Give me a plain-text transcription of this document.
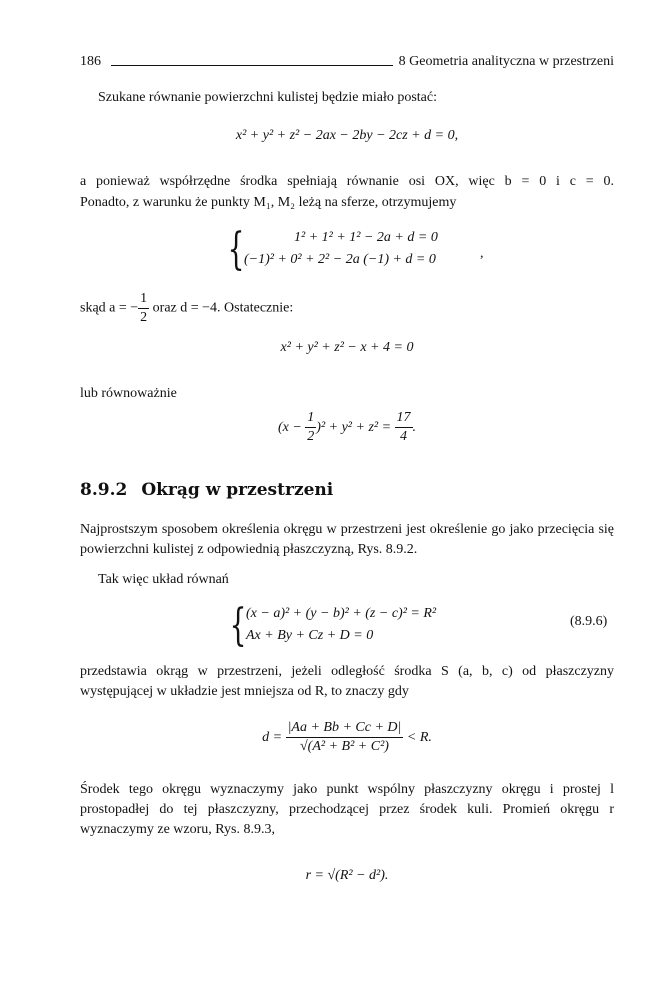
186	8 Geometria analityczna w przestrzeni

Szukane równanie powierzchni kulistej będzie miało postać:

x² + y² + z² − 2ax − 2by − 2cz + d = 0,

a ponieważ współrzędne środka spełniają równanie osi OX, więc b = 0 i c = 0.

Ponadto, z warunku że punkty M₁, M₂ leżą na sferze, otrzymujemy

{	1² + 1² + 1² − 2a + d = 0
(−1)² + 0² + 2² − 2a (−1) + d = 0	,
skąd a = − $\frac{1}{2}$ oraz d = −4. Ostatecznie:
x² + y² + z² − x + 4 = 0

lub równoważnie

$(x - \frac{1}{2} )^2 + y^2 + z^2 = \frac{17}{4}$ .
8.9.2 Okrąg w przestrzeni

Najprostszym sposobem określenia okręgu w przestrzeni jest określenie go jako przecięcia się powierzchni kulistej z odpowiednią płaszczyzną, Rys. 8.9.2.

Tak więc układ równań

{ (x − a)² + (y − b)² + (z − c)² = R²
Ax + By + Cz + D = 0
(8.9.6)

przedstawia okrąg w przestrzeni, jeżeli odległość środka S (a, b, c) od płaszczyzny występującej w układzie jest mniejsza od R, to znaczy gdy

$d = \frac{|Aa + Bb + Cc + D|}{\text{√(A² + B² + C²)}} < R$.

Środek tego okręgu wyznaczymy jako punkt wspólny płaszczyzny okręgu i prostej l prostopadłej do tej płaszczyzny, przechodzącej przez środek kuli. Promień okręgu r wyznaczymy ze wzoru, Rys. 8.9.3,

r = √(R² − d²).
